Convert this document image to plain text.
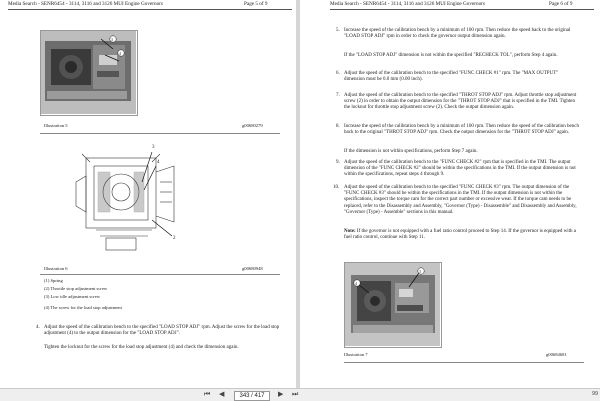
Media Search - SENR6454 - 3114, 3116 and 3126 MUI Engine Governors	Page 5 of 9
3
4
Illustration 5	g00680279
3
4
2
Illustration 6	g00680948
(1) Spring
(2) Throttle stop adjustment screw
(3) Low idle adjustment screw
(4) The screw for the load stop adjustment
4. Adjust the speed of the calibration bench to the specified "LOAD STOP ADJ" rpm. Adjust the screw for the load stop adjustment (4) to the output dimension for the "LOAD STOP ADJ".
Tighten the locknut for the screw for the load stop adjustment (4) and check the dimension again.
Media Search - SENR6454 - 3114, 3116 and 3126 MUI Engine Governors	Page 6 of 9
5. Increase the speed of the calibration bench by a minimum of 100 rpm. Then reduce the speed back to the original "LOAD STOP ADJ" rpm in order to check the governor output dimension again.
If the "LOAD STOP ADJ" dimension is not within the specified "RECHECK TOL", perform Step 4 again.
6. Adjust the speed of the calibration bench to the specified "FUNC CHECK #1" rpm. The "MAX OUTPUT" dimension must be 0.0 mm (0.00 inch).
7. Adjust the speed of the calibration bench to the specified "THROT STOP ADJ" rpm. Adjust throttle stop adjustment screw (2) in order to obtain the output dimension for the "THROT STOP ADJ" that is specified in the TMI. Tighten the locknut for throttle stop adjustment screw (2). Check the output dimension again.
8. Increase the speed of the calibration bench by a minimum of 100 rpm. Then reduce the speed of the calibration bench back to the original "THROT STOP ADJ" rpm. Check the output dimension for the "THROT STOP ADJ" again.
If the dimension is not within specifications, perform Step 7 again.
9. Adjust the speed of the calibration bench to the "FUNC CHECK #2" rpm that is specified in the TMI. The output dimension of the "FUNC CHECK #2" should be within the specifications in the TMI. If the output dimension is not within the specifications, repeat steps 4 through 9.
10. Adjust the speed of the calibration bench to the specified "FUNC CHECK #3" rpm. The output dimension of the "FUNC CHECK #3" should be within the specifications in the TMI. If the output dimension is not within the specifications, inspect the torque cam for the correct part number or excessive wear. If the torque cam needs to be replaced, refer to the Disassembly and Assembly, "Governor (Type) - Disassemble" and Disassembly and Assembly, "Governor (Type) - Assemble" sections in this manual.
Note: If the governor is not equipped with a fuel ratio control proceed to Step 14. If the governor is equipped with a fuel ratio control, continue with Step 11.
4
3
Illustration 7	g00684681
⏮ ◀	343 / 417	▶ ⏭	99
